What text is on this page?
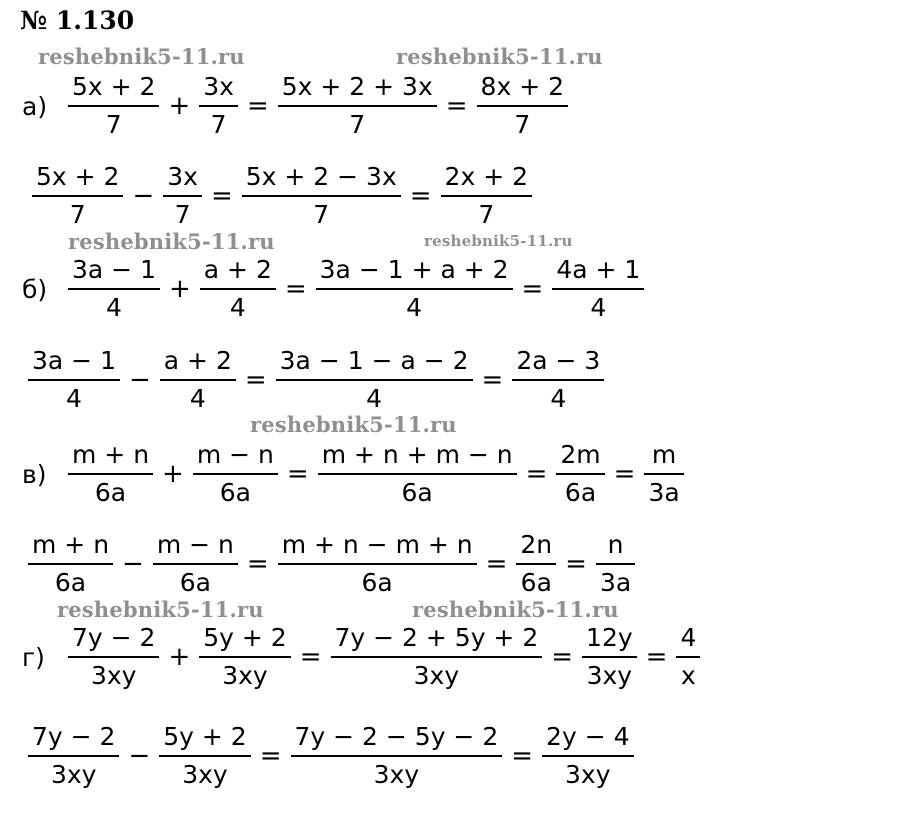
№ 1.130
reshebnik5-11.ru	reshebnik5-11.ru
reshebnik5-11.ru	reshebnik5-11.ru
reshebnik5-11.ru
reshebnik5-11.ru	reshebnik5-11.ru
$а) \frac{5x + 2}{7} + \frac{3x}{7} = \frac{5x + 2 + 3x}{7} = \frac{8x + 2}{7}$
$\frac{5x + 2}{7} - \frac{3x}{7} = \frac{5x + 2 - 3x}{7} = \frac{2x + 2}{7}$
$б) \frac{3a - 1}{4} + \frac{a + 2}{4} = \frac{3a - 1 + a + 2}{4} = \frac{4a + 1}{4}$
$\frac{3a - 1}{4} - \frac{a + 2}{4} = \frac{3a - 1 - a - 2}{4} = \frac{2a - 3}{4}$
$в) \frac{m + n}{6a} + \frac{m - n}{6a} = \frac{m + n + m - n}{6a} = \frac{2m}{6a} = \frac{m}{3a}$
$\frac{m + n}{6a} - \frac{m - n}{6a} = \frac{m + n - m + n}{6a} = \frac{2n}{6a} = \frac{n}{3a}$
$г) \frac{7y - 2}{3xy} + \frac{5y + 2}{3xy} = \frac{7y - 2 + 5y + 2}{3xy} = \frac{12y}{3xy} = \frac{4}{x}$
$\frac{7y - 2}{3xy} - \frac{5y + 2}{3xy} = \frac{7y - 2 - 5y - 2}{3xy} = \frac{2y - 4}{3xy}$
